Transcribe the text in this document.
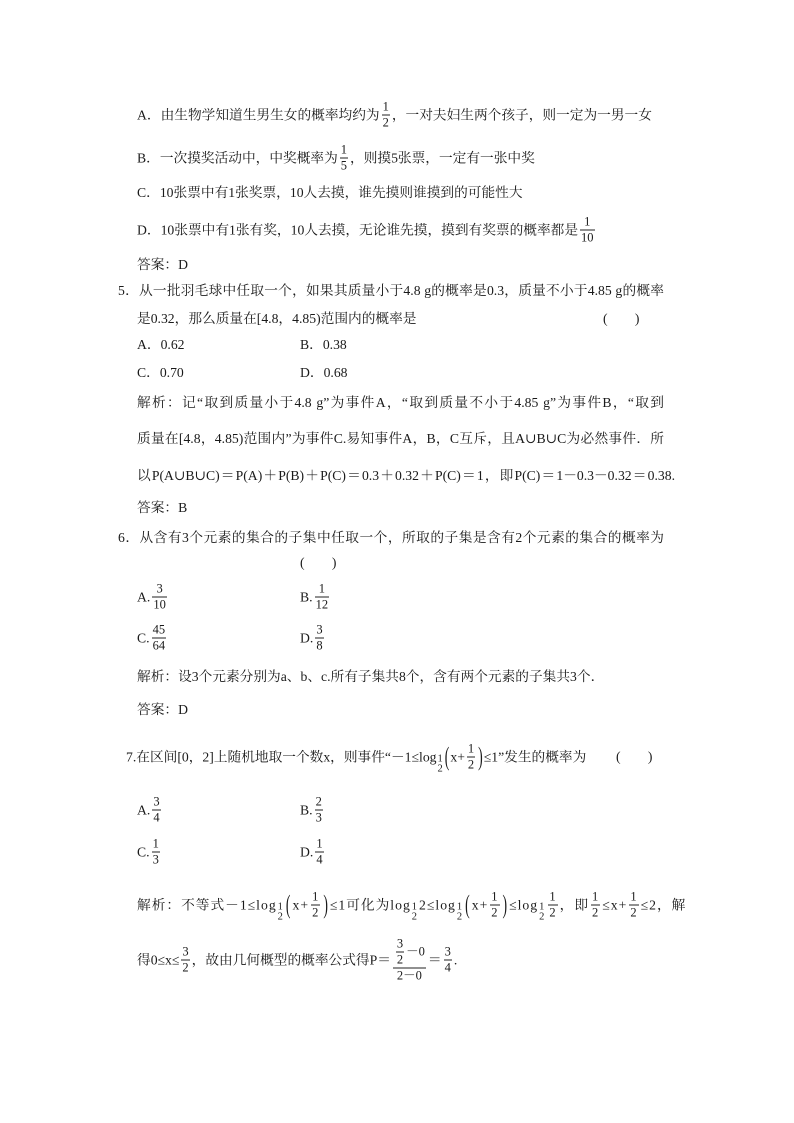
A．由生物学知道生男生女的概率均约为 $\frac{1}{2}$ ，一对夫妇生两个孩子，则一定为一男一女
B．一次摸奖活动中，中奖概率为 $\frac{1}{5}$ ，则摸5张票，一定有一张中奖
C．10张票中有1张奖票，10人去摸，谁先摸则谁摸到的可能性大
D．10张票中有1张有奖，10人去摸，无论谁先摸，摸到有奖票的概率都是 $\frac{1}{10}$
答案：D
5．从一批羽毛球中任取一个，如果其质量小于4.8 g的概率是0.3，质量不小于4.85 g的概率
是0.32，那么质量在[4.8，4.85)范围内的概率是	(　　)
A．0.62	B．0.38
C．0.70	D．0.68
解析：记“取到质量小于4.8 g”为事件A，“取到质量不小于4.85 g”为事件B，“取到
质量在[4.8，4.85)范围内”为事件C.易知事件A，B，C互斥，且A∪B∪C为必然事件．所
以P(A∪B∪C)＝P(A)＋P(B)＋P(C)＝0.3＋0.32＋P(C)＝1，即P(C)＝1－0.3－0.32＝0.38.
答案：B
6．从含有3个元素的集合的子集中任取一个，所取的子集是含有2个元素的集合的概率为
(　　)
A. $\frac{3}{10}$	B. $\frac{1}{12}$
C. $\frac{45}{64}$	D. $\frac{3}{8}$
解析：设3个元素分别为a、b、c.所有子集共8个，含有两个元素的子集共3个．
答案：D
7.在区间[0，2]上随机地取一个数x，则事件“－1≤log 1
2 ( $x+ \frac{1}{2}$ ) ≤1”发生的概率为 (　　)
A. $\frac{3}{4}$	B. $\frac{2}{3}$
C. $\frac{1}{3}$	D. $\frac{1}{4}$
解析：不等式－1≤log 1
2 ( $x+ \frac{1}{2}$ ) ≤1可化为log 1
2
2≤log 1
2 ( $x+ \frac{1}{2}$ ) ≤log 1
$2 \frac{1}{2}$ ，即 $\frac{1}{2} \le x+ \frac{1}{2} \le 2$，解
得$0\le x\le \frac{3}{2}$ ，故由几何概型的概率公式得$P= \frac{\frac{3}{2} -0}{2-0} = \frac{3}{4}$ .
